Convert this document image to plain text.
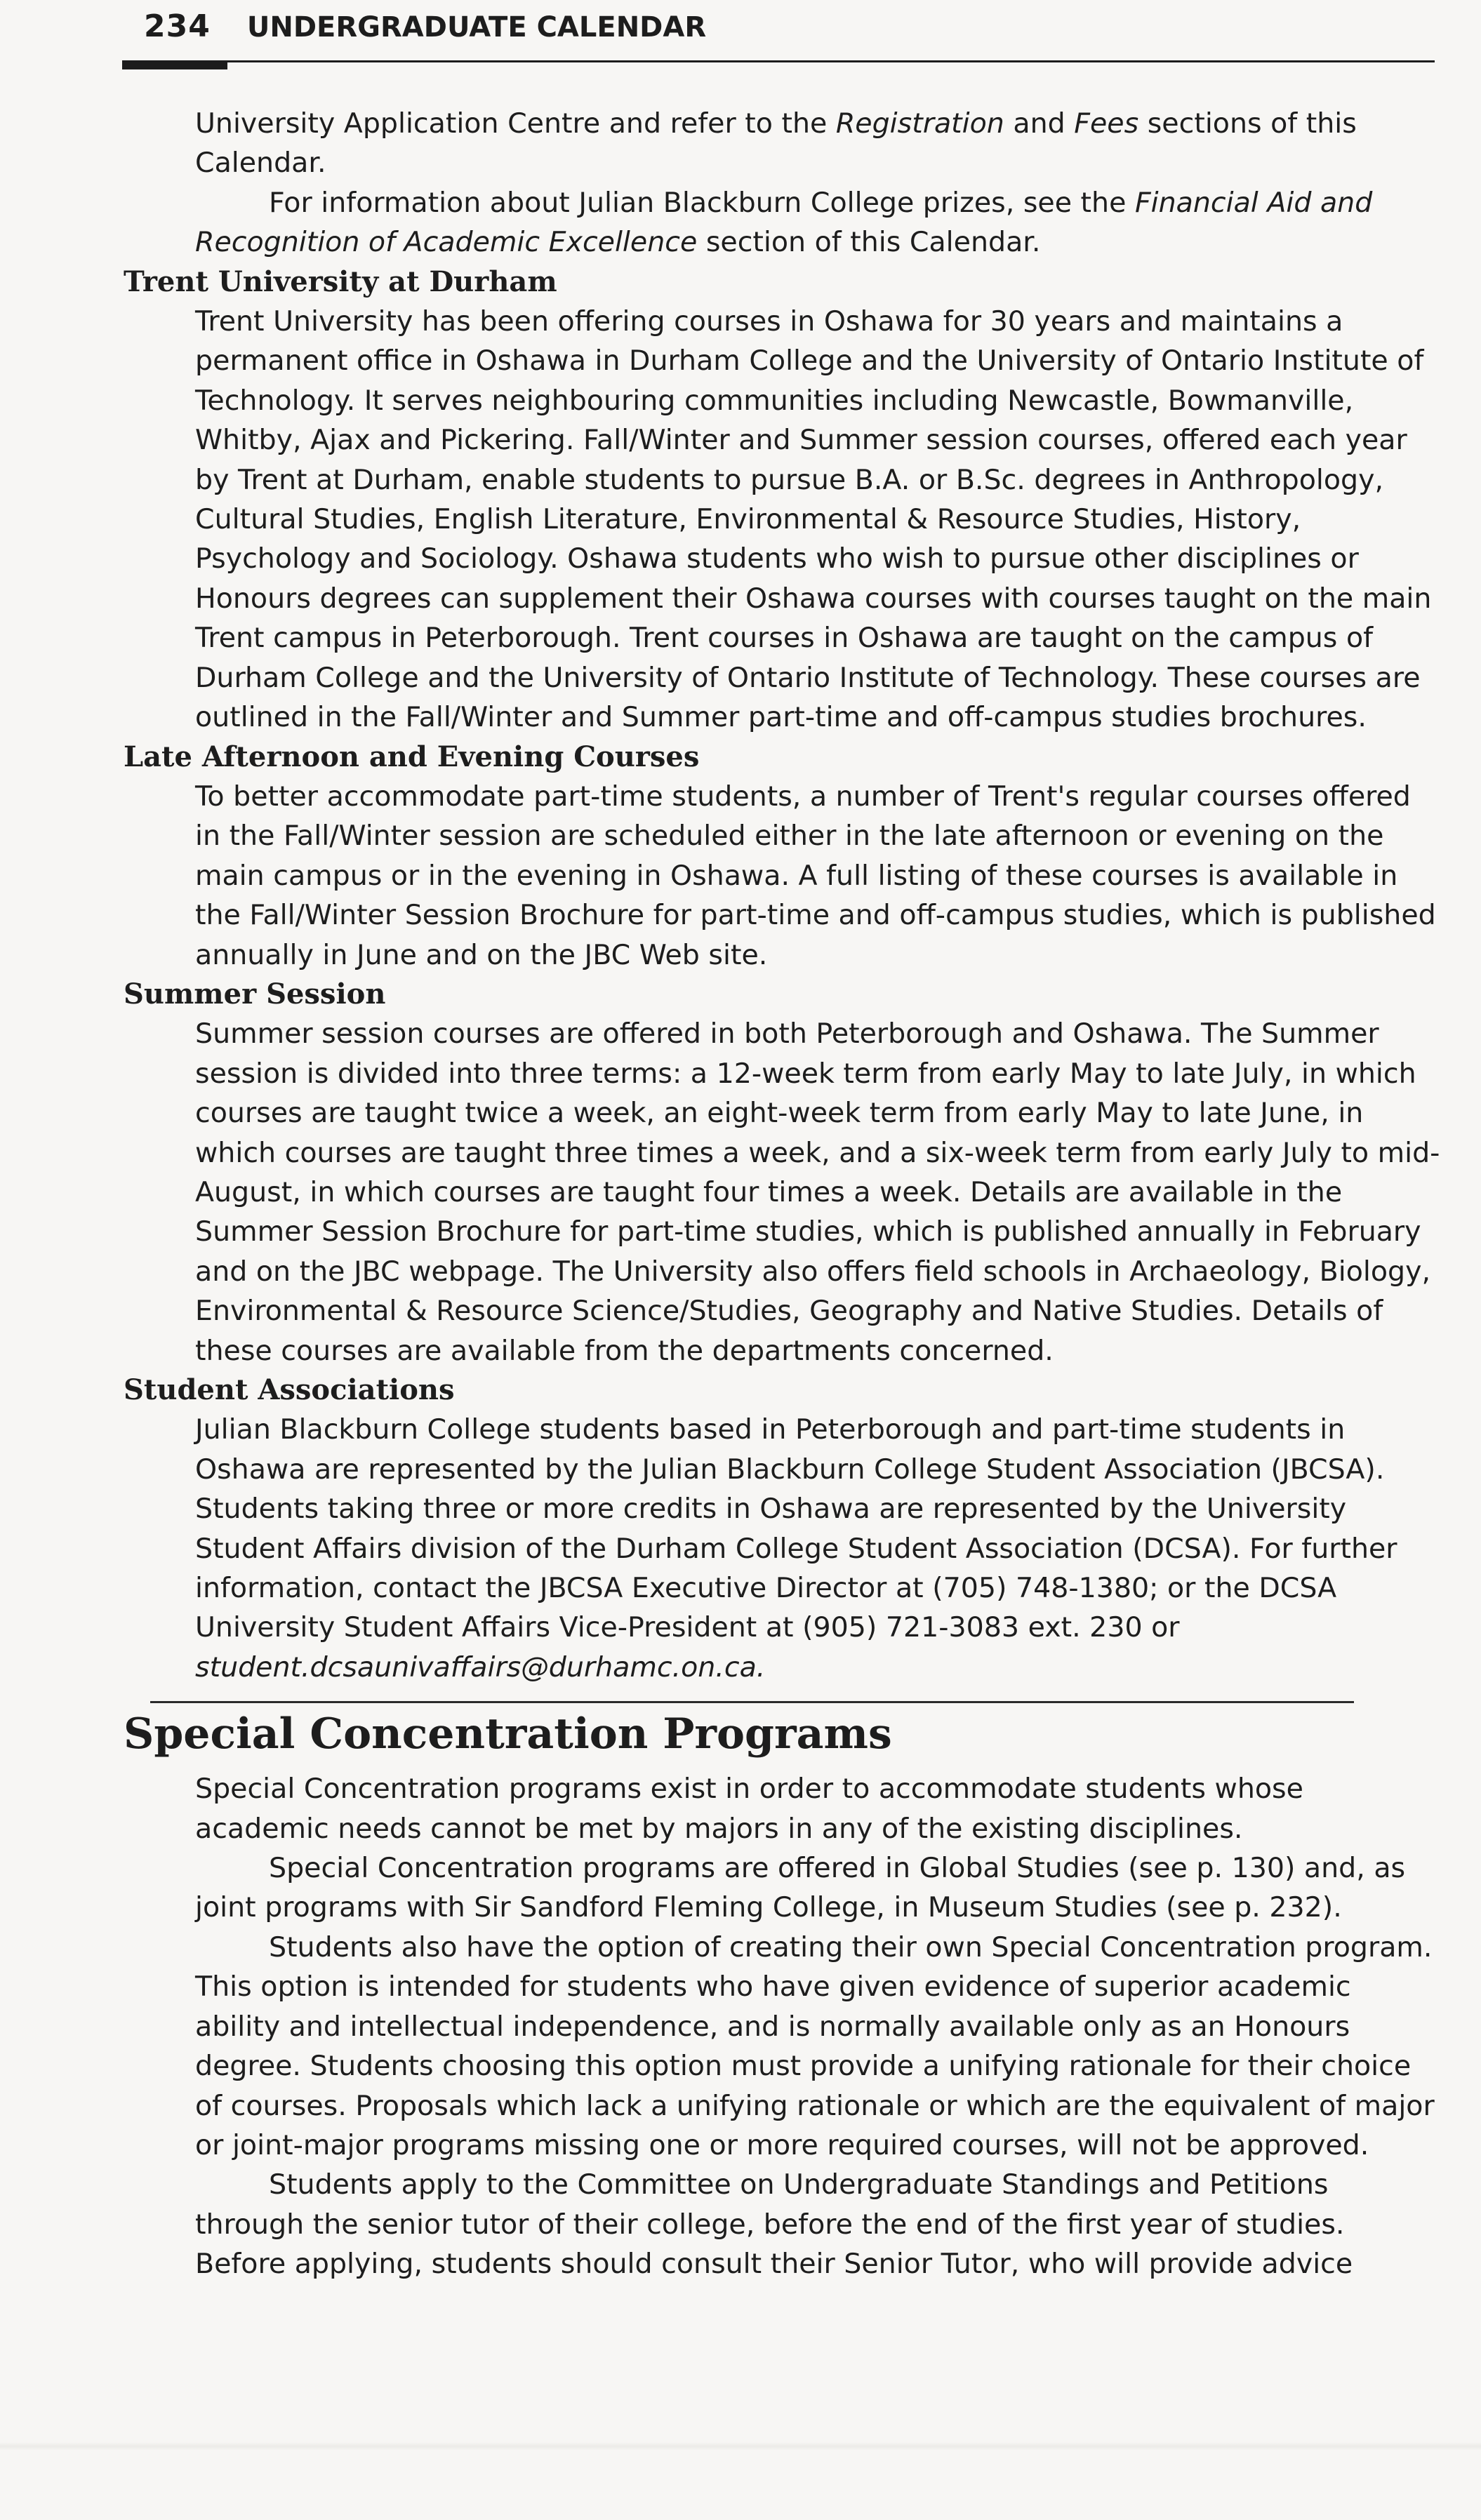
234 UNDERGRADUATE CALENDAR

University Application Centre and refer to the Registration and Fees sections of this Calendar.

For information about Julian Blackburn College prizes, see the Financial Aid and Recognition of Academic Excellence section of this Calendar.

Trent University at Durham

Trent University has been offering courses in Oshawa for 30 years and maintains a permanent office in Oshawa in Durham College and the University of Ontario Institute of Technology. It serves neighbouring communities including Newcastle, Bowmanville, Whitby, Ajax and Pickering. Fall/Winter and Summer session courses, offered each year by Trent at Durham, enable students to pursue B.A. or B.Sc. degrees in Anthropology, Cultural Studies, English Literature, Environmental & Resource Studies, History, Psychology and Sociology. Oshawa students who wish to pursue other disciplines or Honours degrees can supplement their Oshawa courses with courses taught on the main Trent campus in Peterborough. Trent courses in Oshawa are taught on the campus of Durham College and the University of Ontario Institute of Technology. These courses are outlined in the Fall/Winter and Summer part-time and off-campus studies brochures.

Late Afternoon and Evening Courses

To better accommodate part-time students, a number of Trent's regular courses offered in the Fall/Winter session are scheduled either in the late afternoon or evening on the main campus or in the evening in Oshawa. A full listing of these courses is available in the Fall/Winter Session Brochure for part-time and off-campus studies, which is published annually in June and on the JBC Web site.

Summer Session

Summer session courses are offered in both Peterborough and Oshawa. The Summer session is divided into three terms: a 12-week term from early May to late July, in which courses are taught twice a week, an eight-week term from early May to late June, in which courses are taught three times a week, and a six-week term from early July to mid-August, in which courses are taught four times a week. Details are available in the Summer Session Brochure for part-time studies, which is published annually in February and on the JBC webpage. The University also offers field schools in Archaeology, Biology, Environmental & Resource Science/Studies, Geography and Native Studies. Details of these courses are available from the departments concerned.

Student Associations

Julian Blackburn College students based in Peterborough and part-time students in Oshawa are represented by the Julian Blackburn College Student Association (JBCSA). Students taking three or more credits in Oshawa are represented by the University Student Affairs division of the Durham College Student Association (DCSA). For further information, contact the JBCSA Executive Director at (705) 748-1380; or the DCSA University Student Affairs Vice-President at (905) 721-3083 ext. 230 or student.dcsaunivaffairs@durhamc.on.ca.

Special Concentration Programs

Special Concentration programs exist in order to accommodate students whose academic needs cannot be met by majors in any of the existing disciplines.

Special Concentration programs are offered in Global Studies (see p. 130) and, as joint programs with Sir Sandford Fleming College, in Museum Studies (see p. 232).

Students also have the option of creating their own Special Concentration program. This option is intended for students who have given evidence of superior academic ability and intellectual independence, and is normally available only as an Honours degree. Students choosing this option must provide a unifying rationale for their choice of courses. Proposals which lack a unifying rationale or which are the equivalent of major or joint-major programs missing one or more required courses, will not be approved.

Students apply to the Committee on Undergraduate Standings and Petitions through the senior tutor of their college, before the end of the first year of studies. Before applying, students should consult their Senior Tutor, who will provide advice
